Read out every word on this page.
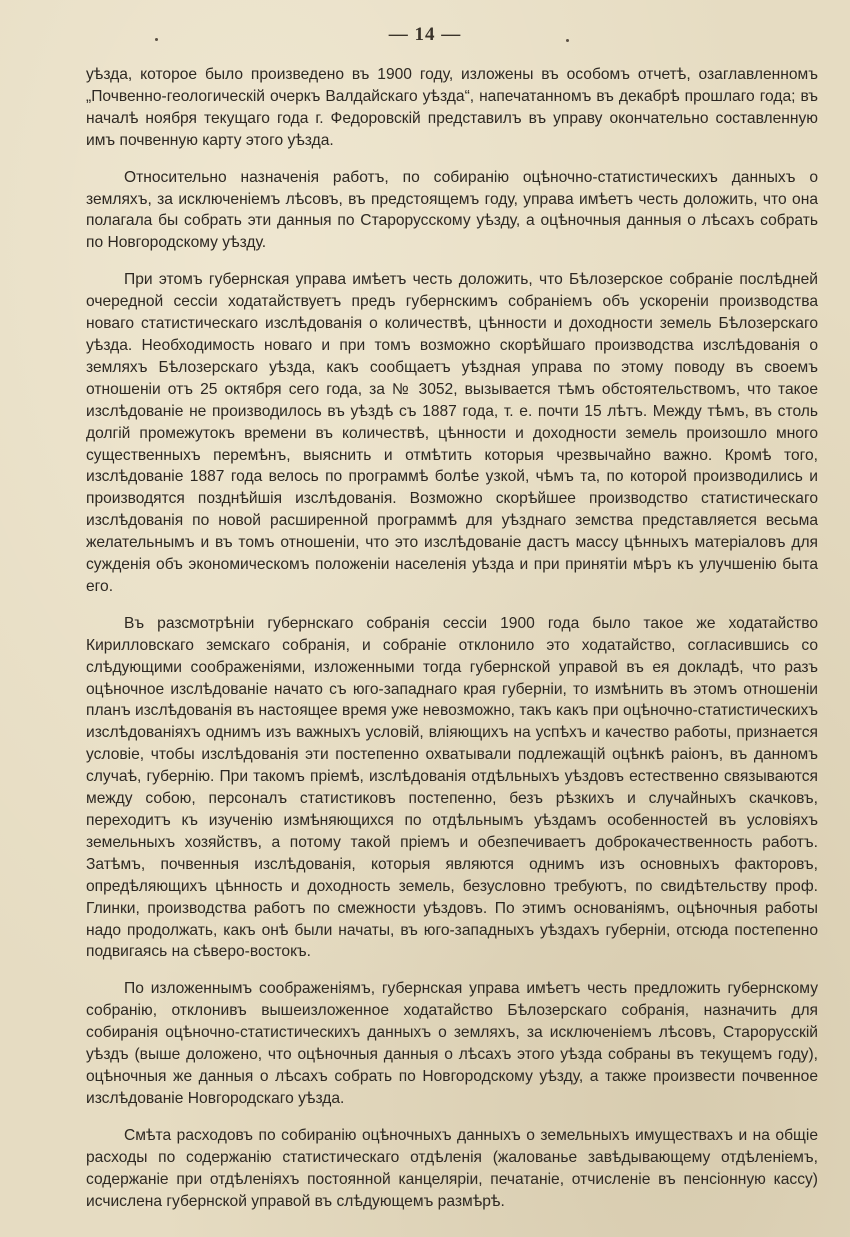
— 14 —

уѣзда, которое было произведено въ 1900 году, изложены въ особомъ отчетѣ, озаглавленномъ „Почвенно-геологическій очеркъ Валдайскаго уѣзда“, напечатанномъ въ декабрѣ прошлаго года; въ началѣ ноября текущаго года г. Федоровскій представилъ въ управу окончательно составленную имъ почвенную карту этого уѣзда.

Относительно назначенія работъ, по собиранію оцѣночно-статистическихъ данныхъ о земляхъ, за исключеніемъ лѣсовъ, въ предстоящемъ году, управа имѣетъ честь доложить, что она полагала бы собрать эти данныя по Старорусскому уѣзду, а оцѣночныя данныя о лѣсахъ собрать по Новгородскому уѣзду.

При этомъ губернская управа имѣетъ честь доложить, что Бѣлозерское собраніе послѣдней очередной сессіи ходатайствуетъ предъ губернскимъ собраніемъ объ ускореніи производства новаго статистическаго изслѣдованія о количествѣ, цѣнности и доходности земель Бѣлозерскаго уѣзда. Необходимость новаго и при томъ возможно скорѣйшаго производства изслѣдованія о земляхъ Бѣлозерскаго уѣзда, какъ сообщаетъ уѣздная управа по этому поводу въ своемъ отношеніи отъ 25 октября сего года, за № 3052, вызывается тѣмъ обстоятельствомъ, что такое изслѣдованіе не производилось въ уѣздѣ съ 1887 года, т. е. почти 15 лѣтъ. Между тѣмъ, въ столь долгій промежутокъ времени въ количествѣ, цѣнности и доходности земель произошло много существенныхъ перемѣнъ, выяснить и отмѣтить которыя чрезвычайно важно. Кромѣ того, изслѣдованіе 1887 года велось по программѣ болѣе узкой, чѣмъ та, по которой производились и производятся позднѣйшія изслѣдованія. Возможно скорѣйшее производство статистическаго изслѣдованія по новой расширенной программѣ для уѣзднаго земства представляется весьма желательнымъ и въ томъ отношеніи, что это изслѣдованіе дастъ массу цѣнныхъ матеріаловъ для сужденія объ экономическомъ положеніи населенія уѣзда и при принятіи мѣръ къ улучшенію быта его.

Въ разсмотрѣніи губернскаго собранія сессіи 1900 года было такое же ходатайство Кирилловскаго земскаго собранія, и собраніе отклонило это ходатайство, согласившись со слѣдующими соображеніями, изложенными тогда губернской управой въ ея докладѣ, что разъ оцѣночное изслѣдованіе начато съ юго-западнаго края губерніи, то измѣнить въ этомъ отношеніи планъ изслѣдованія въ настоящее время уже невозможно, такъ какъ при оцѣночно-статистическихъ изслѣдованіяхъ однимъ изъ важныхъ условій, вліяющихъ на успѣхъ и качество работы, признается условіе, чтобы изслѣдованія эти постепенно охватывали подлежащій оцѣнкѣ раіонъ, въ данномъ случаѣ, губернію. При такомъ пріемѣ, изслѣдованія отдѣльныхъ уѣздовъ естественно связываются между собою, персоналъ статистиковъ постепенно, безъ рѣзкихъ и случайныхъ скачковъ, переходитъ къ изученію измѣняющихся по отдѣльнымъ уѣздамъ особенностей въ условіяхъ земельныхъ хозяйствъ, а потому такой пріемъ и обезпечиваетъ доброкачественность работъ. Затѣмъ, почвенныя изслѣдованія, которыя являются однимъ изъ основныхъ факторовъ, опредѣляющихъ цѣнность и доходность земель, безусловно требуютъ, по свидѣтельству проф. Глинки, производства работъ по смежности уѣздовъ. По этимъ основаніямъ, оцѣночныя работы надо продолжать, какъ онѣ были начаты, въ юго-западныхъ уѣздахъ губерніи, отсюда постепенно подвигаясь на сѣверо-востокъ.

По изложеннымъ соображеніямъ, губернская управа имѣетъ честь предложить губернскому собранію, отклонивъ вышеизложенное ходатайство Бѣлозерскаго собранія, назначить для собиранія оцѣночно-статистическихъ данныхъ о земляхъ, за исключеніемъ лѣсовъ, Старорусскій уѣздъ (выше доложено, что оцѣночныя данныя о лѣсахъ этого уѣзда собраны въ текущемъ году), оцѣночныя же данныя о лѣсахъ собрать по Новгородскому уѣзду, а также произвести почвенное изслѣдованіе Новгородскаго уѣзда.

Смѣта расходовъ по собиранію оцѣночныхъ данныхъ о земельныхъ имуществахъ и на общіе расходы по содержанію статистическаго отдѣленія (жалованье завѣдывающему отдѣленіемъ, содержаніе при отдѣленіяхъ постоянной канцеляріи, печатаніе, отчисленіе въ пенсіонную кассу) исчислена губернской управой въ слѣдующемъ размѣрѣ.
